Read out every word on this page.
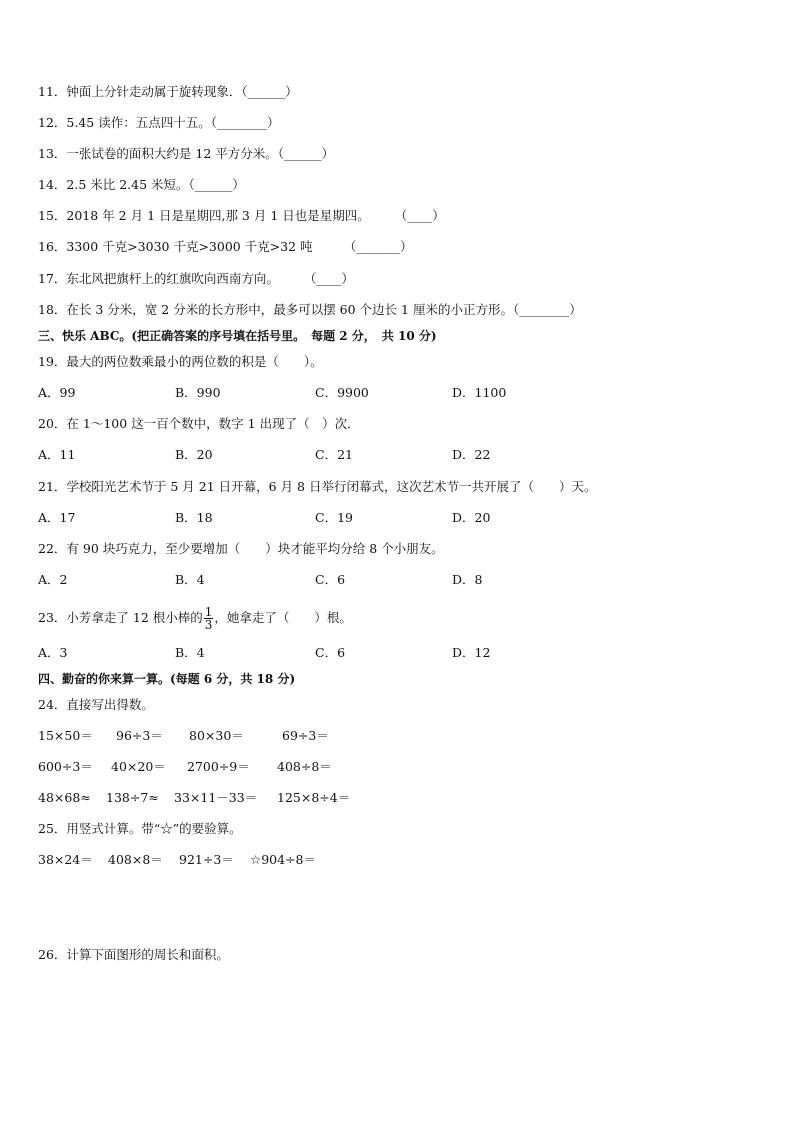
11．钟面上分针走动属于旋转现象．（______）
12．5.45 读作：五点四十五。（________）
13．一张试卷的面积大约是 12 平方分米。（______）
14．2.5 米比 2.45 米短。（______）
15．2018 年 2 月 1 日是星期四,那 3 月 1 日也是星期四。　　　（____）
16．3300 千克>3030 千克>3000 千克>32 吨　　　（_______）
17．东北风把旗杆上的红旗吹向西南方向。　　　（____）
18．在长 3 分米，宽 2 分米的长方形中，最多可以摆 60 个边长 1 厘米的小正方形。（________）
三、快乐 ABC。(把正确答案的序号填在括号里。　每题 2 分，　共 10 分)
19．最大的两位数乘最小的两位数的积是（　　）。
A．99	B．990	C．9900	D．1100
20．在 1～100 这一百个数中，数字 1 出现了（　）次．
A．11	B．20	C．21	D．22
21．学校阳光艺术节于 5 月 21 日开幕，6 月 8 日举行闭幕式，这次艺术节一共开展了（　　）天。
A．17	B．18	C．19	D．20
22．有 90 块巧克力，至少要增加（　　）块才能平均分给 8 个小朋友。
A．2	B．4	C．6	D．8
23．小芳拿走了 12 根小棒的 $\frac{1}{3}$ ，她拿走了（　　）根。
A．3	B．4	C．6	D．12
四、勤奋的你来算一算。(每题 6 分，共 18 分)
24．直接写出得数。
15×50＝ 96÷3＝ 80×30＝	69÷3＝
600÷3＝ 40×20＝ 2700÷9＝ 408÷8＝
48×68≈ 138÷7≈ 33×11－33＝ 125×8÷4＝
25．用竖式计算。带“☆”的要验算。
38×24＝ 408×8＝ 921÷3＝ ☆904÷8＝
26．计算下面图形的周长和面积。
